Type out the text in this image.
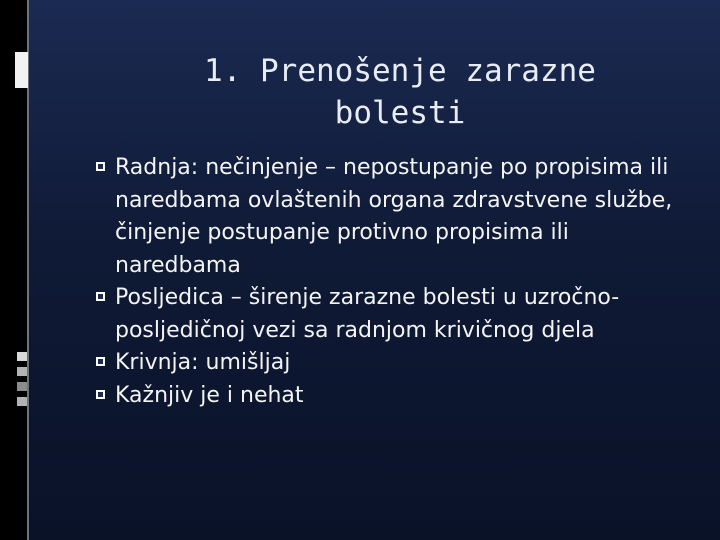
1. Prenošenje zarazne
bolesti
Radnja: nečinjenje – nepostupanje po propisima ili naredbama ovlaštenih organa zdravstvene službe, činjenje postupanje protivno propisima ili naredbama
Posljedica – širenje zarazne bolesti u uzročno-posljedičnoj vezi sa radnjom krivičnog djela
Krivnja: umišljaj
Kažnjiv je i nehat
